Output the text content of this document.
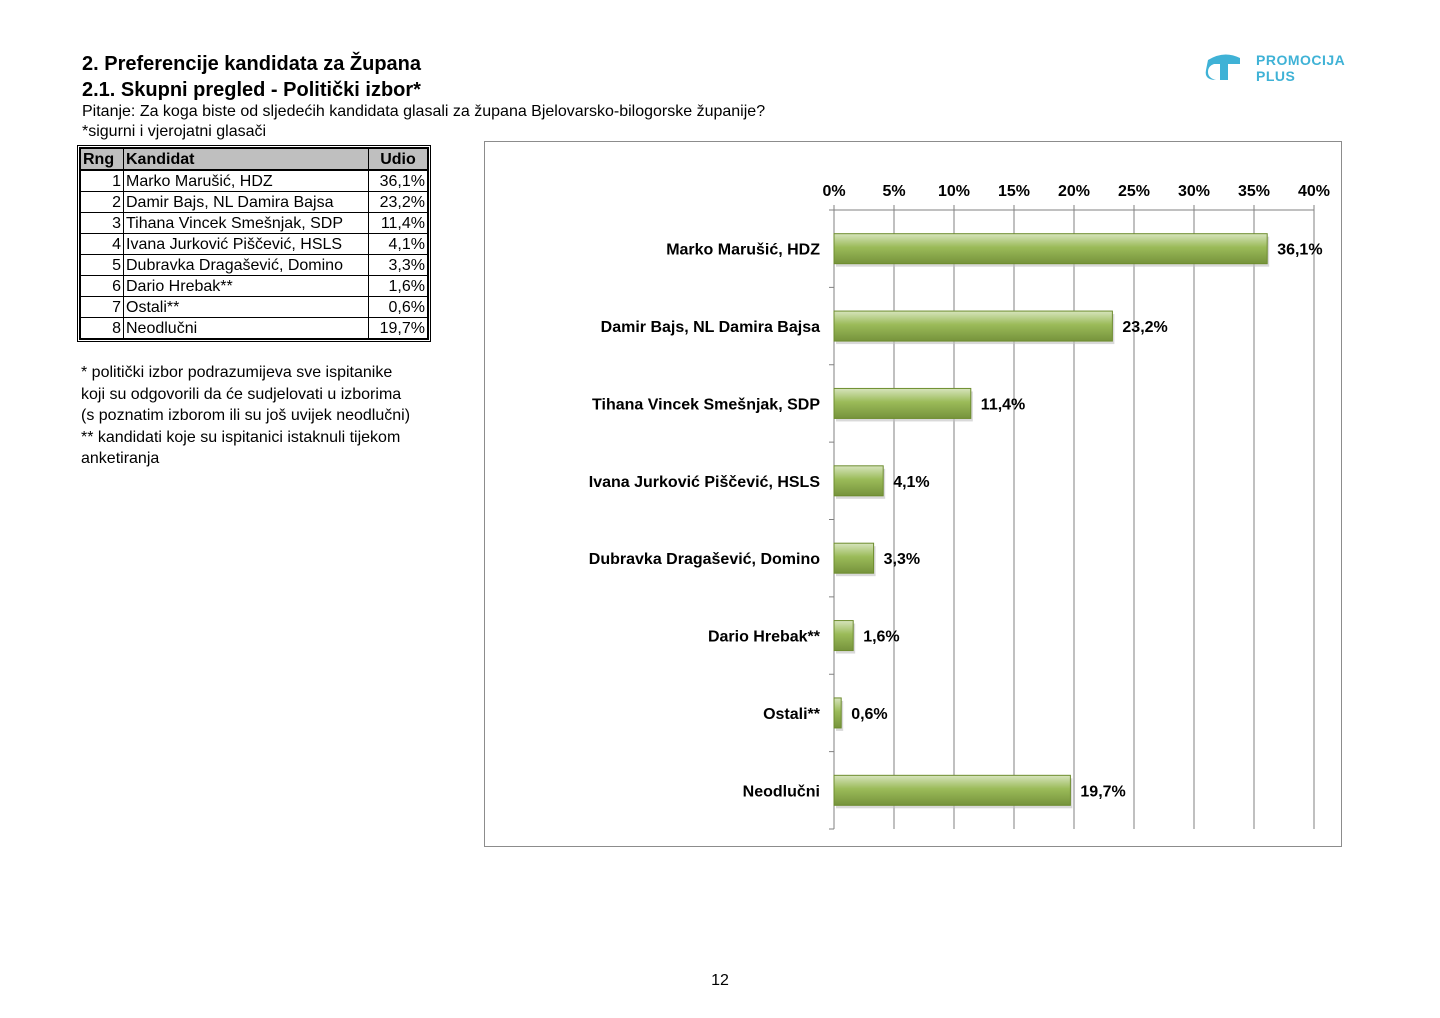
2. Preferencije kandidata za Župana
2.1. Skupni pregled - Politički izbor*
Pitanje: Za koga biste od sljedećih kandidata glasali za župana Bjelovarsko-bilogorske županije?
*sigurni i vjerojatni glasači
PROMOCIJA
PLUS
Rng	Kandidat	Udio
1	Marko Marušić, HDZ	36,1%
2	Damir Bajs, NL Damira Bajsa	23,2%
3	Tihana Vincek Smešnjak, SDP	11,4%
4	Ivana Jurković Piščević, HSLS	4,1%
5	Dubravka Dragašević, Domino	3,3%
6	Dario Hrebak**	1,6%
7	Ostali**	0,6%
8	Neodlučni	19,7%
* politički izbor podrazumijeva sve ispitanike
koji su odgovorili da će sudjelovati u izborima
(s poznatim izborom ili su još uvijek neodlučni)
** kandidati koje su ispitanici istaknuli tijekom
anketiranja
0% 5% 10% 15% 20% 25% 30% 35% 40%
Marko Marušić, HDZ	36,1%
Damir Bajs, NL Damira Bajsa	23,2%
Tihana Vincek Smešnjak, SDP	11,4%
Ivana Jurković Piščević, HSLS	4,1%
Dubravka Dragašević, Domino	3,3%
Dario Hrebak**	1,6%
Ostali** 0,6%
Neodlučni	19,7%
12
